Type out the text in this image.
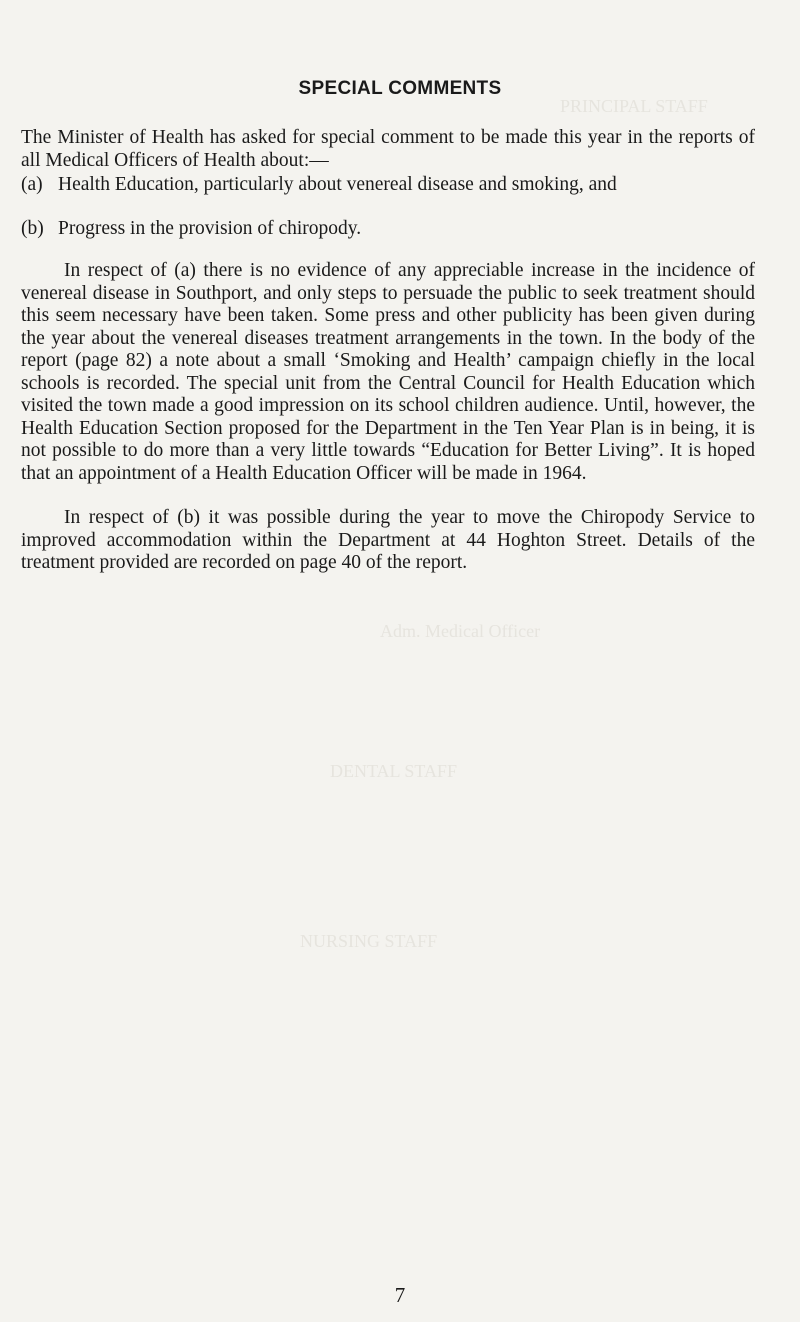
PRINCIPAL STAFF
Adm. Medical Officer
DENTAL STAFF
NURSING STAFF
SPECIAL COMMENTS
The Minister of Health has asked for special comment to be made this year in the reports of all Medical Officers of Health about:—
(a) Health Education, particularly about venereal disease and smoking, and
(b) Progress in the provision of chiropody.
In respect of (a) there is no evidence of any appreciable increase in the incidence of venereal disease in Southport, and only steps to persuade the public to seek treatment should this seem necessary have been taken. Some press and other publicity has been given during the year about the venereal diseases treatment arrangements in the town. In the body of the report (page 82) a note about a small ‘Smoking and Health’ campaign chiefly in the local schools is recorded. The special unit from the Central Council for Health Education which visited the town made a good impression on its school children audience. Until, however, the Health Education Section proposed for the Department in the Ten Year Plan is in being, it is not possible to do more than a very little towards “Education for Better Living”. It is hoped that an appointment of a Health Education Officer will be made in 1964.
In respect of (b) it was possible during the year to move the Chiropody Service to improved accommodation within the Department at 44 Hoghton Street. Details of the treatment provided are recorded on page 40 of the report.
7
